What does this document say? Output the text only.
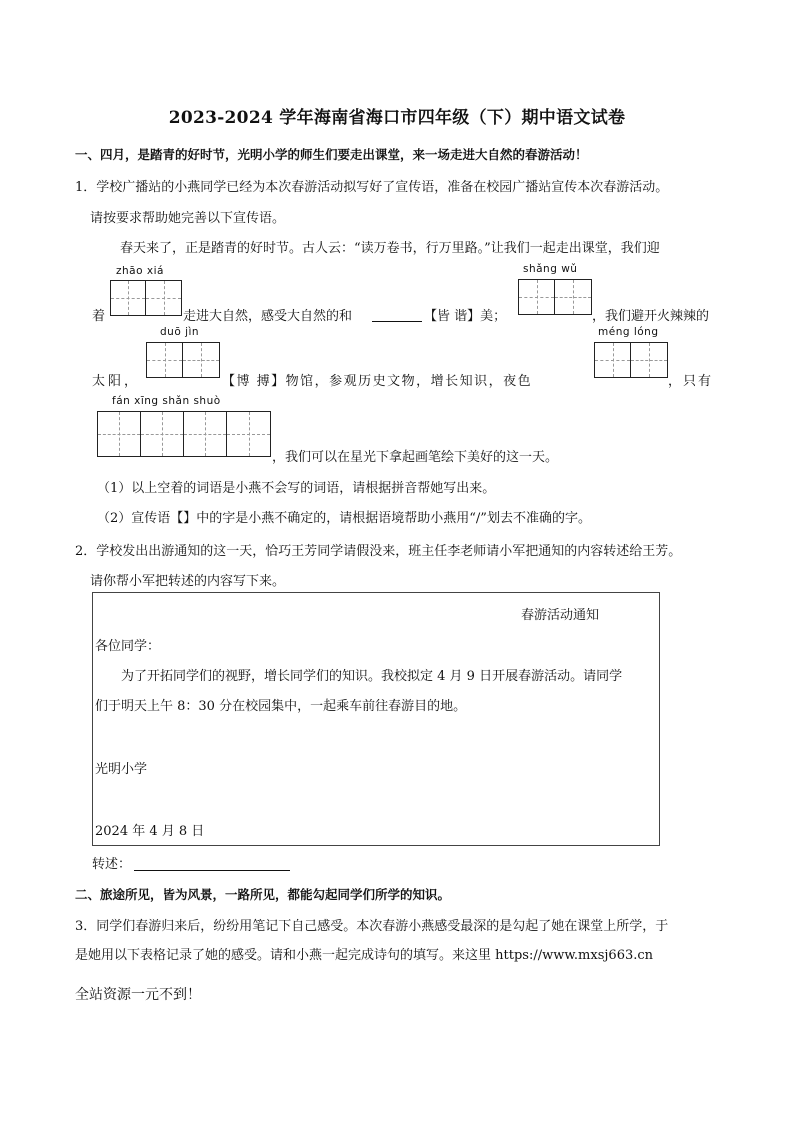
2023-2024 学年海南省海口市四年级（下）期中语文试卷
一、四月，是踏青的好时节，光明小学的师生们要走出课堂，来一场走进大自然的春游活动！
1．学校广播站的小燕同学已经为本次春游活动拟写好了宣传语，准备在校园广播站宣传本次春游活动。
请按要求帮助她完善以下宣传语。
春天来了，正是踏青的好时节。古人云：“读万卷书，行万里路。”让我们一起走出课堂，我们迎
zhāo xiá
着	走进大自然，感受大自然的和	【皆 谐】美；
shǎng wǔ
，我们避开火辣辣的
太阳，
duō jìn
【博 搏】物馆，参观历史文物，增长知识，夜色
méng lóng
，只有
fán xīng shǎn shuò
，我们可以在星光下拿起画笔绘下美好的这一天。
（1）以上空着的词语是小燕不会写的词语，请根据拼音帮她写出来。
（2）宣传语【】中的字是小燕不确定的，请根据语境帮助小燕用“/”划去不准确的字。
2．学校发出出游通知的这一天，恰巧王芳同学请假没来，班主任李老师请小军把通知的内容转述给王芳。
请你帮小军把转述的内容写下来。
春游活动通知
各位同学：
为了开拓同学们的视野，增长同学们的知识。我校拟定 4 月 9 日开展春游活动。请同学
们于明天上午 8：30 分在校园集中，一起乘车前往春游目的地。
光明小学
2024 年 4 月 8 日
转述：
二、旅途所见，皆为风景，一路所见，都能勾起同学们所学的知识。
3．同学们春游归来后，纷纷用笔记下自己感受。本次春游小燕感受最深的是勾起了她在课堂上所学，于
是她用以下表格记录了她的感受。请和小燕一起完成诗句的填写。来这里 https://www.mxsj663.cn
全站资源一元不到！
